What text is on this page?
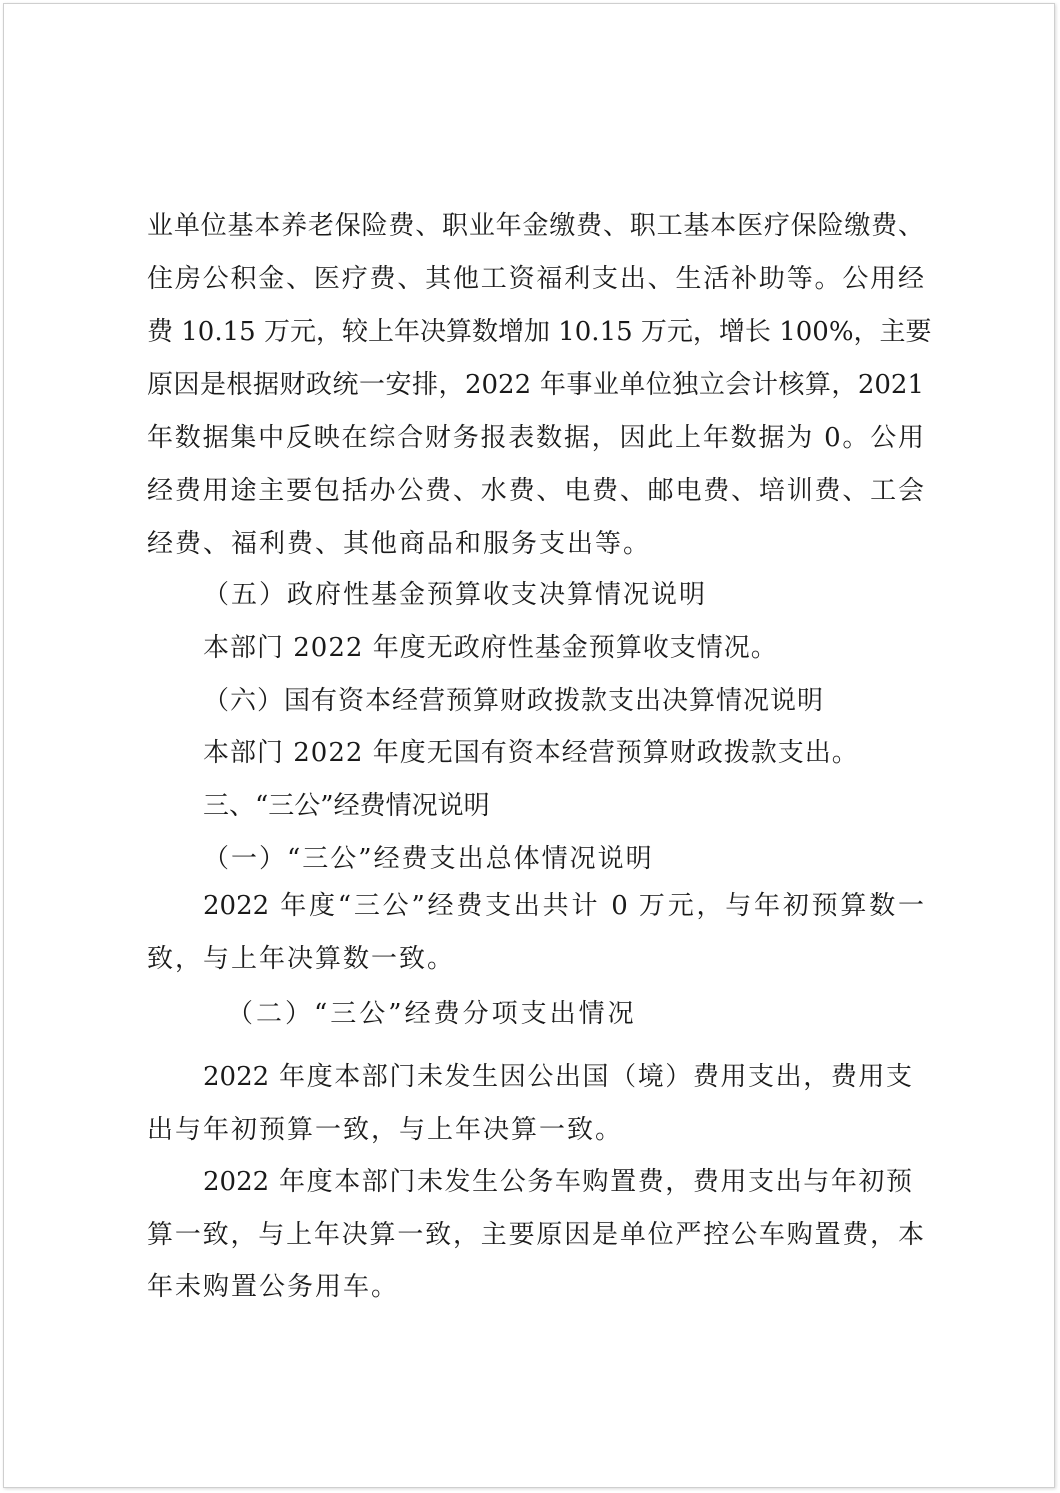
业单位基本养老保险费、职业年金缴费、职工基本医疗保险缴费、
住房公积金、医疗费、其他工资福利支出、生活补助等。公用经
费 10.15 万元，较上年决算数增加 10.15 万元，增长 100%，主要
原因是根据财政统一安排，2022 年事业单位独立会计核算，2021
年数据集中反映在综合财务报表数据，因此上年数据为 0。公用
经费用途主要包括办公费、水费、电费、邮电费、培训费、工会
经费、福利费、其他商品和服务支出等。
（五）政府性基金预算收支决算情况说明
本部门 2022 年度无政府性基金预算收支情况。
（六）国有资本经营预算财政拨款支出决算情况说明
本部门 2022 年度无国有资本经营预算财政拨款支出。
三、“三公”经费情况说明
（一）“三公”经费支出总体情况说明
2022 年度“三公”经费支出共计 0 万元，与年初预算数一
致，与上年决算数一致。
（二）“三公”经费分项支出情况
2022 年度本部门未发生因公出国（境）费用支出，费用支
出与年初预算一致，与上年决算一致。
2022 年度本部门未发生公务车购置费，费用支出与年初预
算一致，与上年决算一致，主要原因是单位严控公车购置费，本
年未购置公务用车。
